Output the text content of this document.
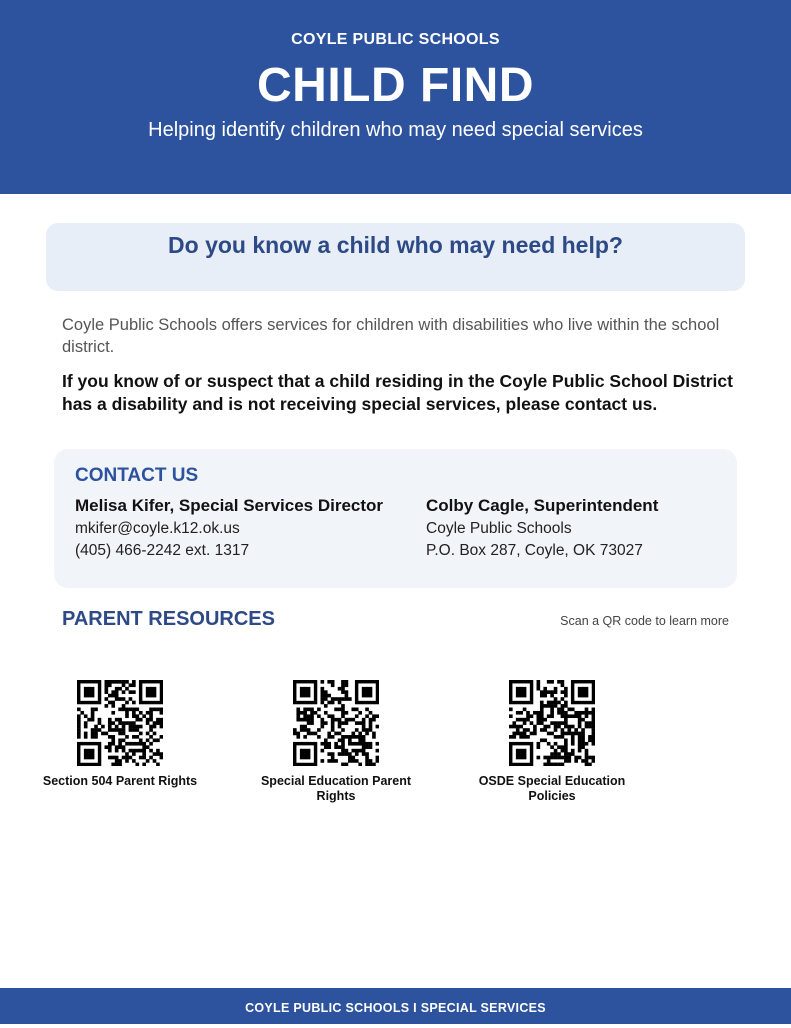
COYLE PUBLIC SCHOOLS
CHILD FIND
Helping identify children who may need special services
Do you know a child who may need help?
Coyle Public Schools offers services for children with disabilities who live within the school district.
If you know of or suspect that a child residing in the Coyle Public School District has a disability and is not receiving special services, please contact us.
CONTACT US
Melisa Kifer, Special Services Director
mkifer@coyle.k12.ok.us
(405) 466-2242 ext. 1317
Colby Cagle, Superintendent
Coyle Public Schools
P.O. Box 287, Coyle, OK 73027
PARENT RESOURCES	Scan a QR code to learn more
Section 504 Parent Rights	Special Education Parent Rights
OSDE Special Education Policies
COYLE PUBLIC SCHOOLS I SPECIAL SERVICES
